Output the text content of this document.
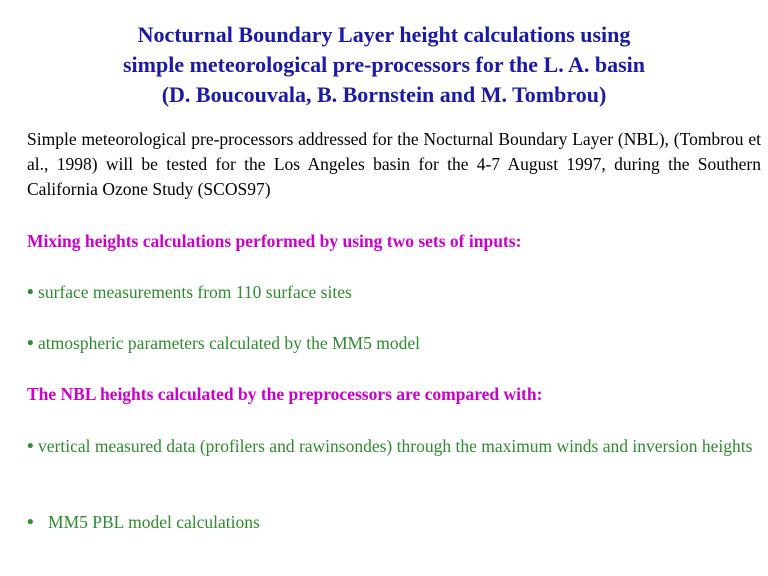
Nocturnal Boundary Layer height calculations using
simple meteorological pre-processors for the L. A. basin
(D. Boucouvala, B. Bornstein and M. Tombrou)

Simple meteorological pre-processors addressed for the Nocturnal Boundary Layer (NBL), (Tombrou et al., 1998) will be tested for the Los Angeles basin for the 4-7 August 1997, during the Southern California Ozone Study (SCOS97)

Mixing heights calculations performed by using two sets of inputs:

• surface measurements from 110 surface sites

• atmospheric parameters calculated by the MM5 model

The NBL heights calculated by the preprocessors are compared with:

• vertical measured data (profilers and rawinsondes) through the maximum winds and inversion heights

• MM5 PBL model calculations
